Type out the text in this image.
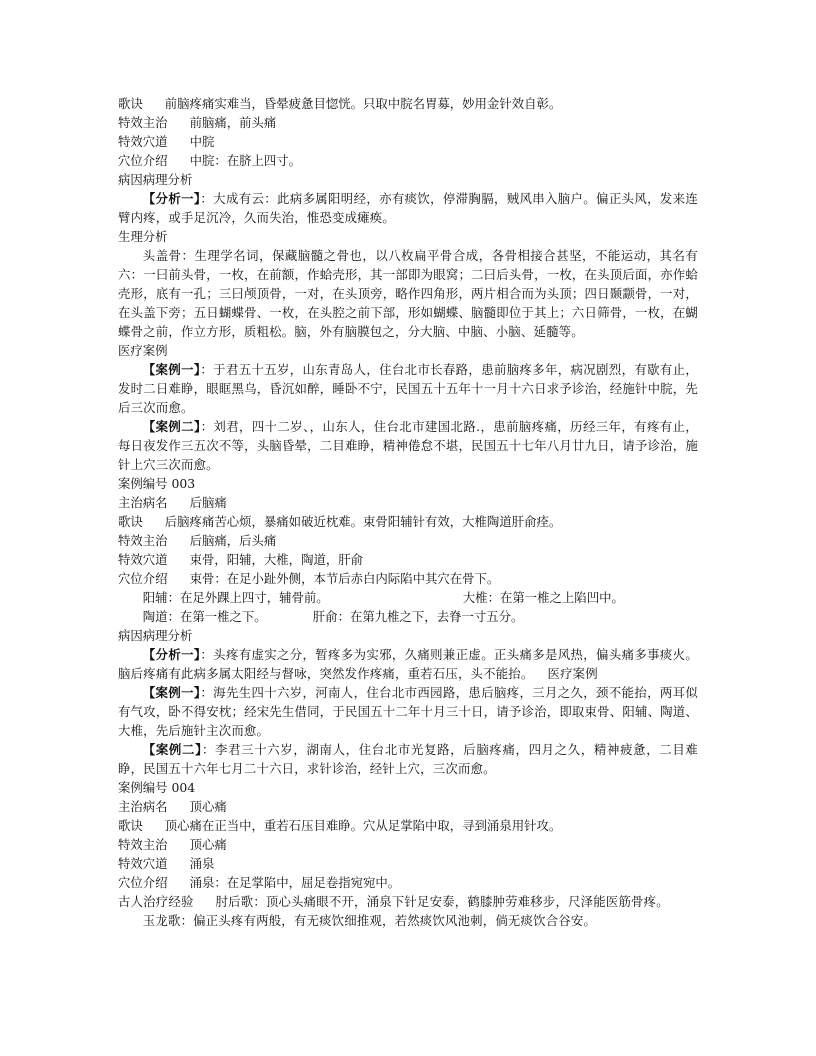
歌诀 前脑疼痛实难当，昏晕疲惫目惚恍。只取中脘名胃募，妙用金针效自彰。
特效主治 前脑痛，前头痛
特效穴道 中脘
穴位介绍 中脘：在脐上四寸。
病因病理分析
【分析一】：大成有云：此病多属阳明经，亦有痰饮，停滞胸膈，贼风串入脑户。偏正头风，发来连臂内疼，或手足沉冷，久而失治，惟恐变成瘫痪。
生理分析
头盖骨：生理学名词，保藏脑髓之骨也，以八枚扁平骨合成，各骨相接合甚坚，不能运动，其名有六：一曰前头骨，一枚，在前额，作蛤壳形，其一部即为眼窝；二曰后头骨，一枚，在头顶后面，亦作蛤壳形，底有一孔；三曰颅顶骨，一对，在头顶旁，略作四角形，两片相合而为头顶；四日颞颥骨，一对，在头盖下旁；五日蝴蝶骨、一枚，在头腔之前下部，形如蝴蝶、脑髓即位于其上；六日筛骨，一枚，在蝴蝶骨之前，作立方形，质粗松。脑，外有脑膜包之，分大脑、中脑、小脑、延髓等。
医疗案例
【案例一】：于君五十五岁，山东青岛人，住台北市长春路，患前脑疼多年，病况剧烈，有歇有止，发时二日难睁，眼眶黑乌，昏沉如醉，睡卧不宁，民国五十五年十一月十六日求予诊治，经施针中脘，先后三次而愈。
【案例二】：刘君，四十二岁、，山东人，住台北市建国北路.，患前脑疼痛，历经三年，有疼有止，每日夜发作三五次不等，头脑昏晕，二目难睁，精神倦怠不堪，民国五十七年八月廿九日，请予诊治，施针上穴三次而愈。
案例编号 003
主治病名 后脑痛
歌诀 后脑疼痛苦心烦，暴痛如破近枕难。束骨阳辅针有效，大椎陶道肝俞痊。
特效主治 后脑痛，后头痛
特效穴道 束骨，阳辅，大椎，陶道，肝俞
穴位介绍 束骨：在足小趾外侧，本节后赤白内际陷中其穴在骨下。
阳辅：在足外踝上四寸，辅骨前。	大椎：在第一椎之上陷凹中。
陶道：在第一椎之下。	肝俞：在第九椎之下，去脊一寸五分。
病因病理分析
【分析一】：头疼有虚实之分，暂疼多为实邪，久痛则兼正虚。正头痛多是风热，偏头痛多事痰火。脑后疼痛有此病多属太阳经与督咏，突然发作疼痛，重若石压，头不能抬。 医疗案例
【案例一】：海先生四十六岁，河南人，住台北市西园路，患后脑疼，三月之久，颈不能抬，两耳似有气攻，卧不得安枕；经宋先生借同，于民国五十二年十月三十日，请予诊治，即取束骨、阳辅、陶道、大椎，先后施针主次而愈。
【案例二】：李君三十六岁，湖南人，住台北市光复路，后脑疼痛，四月之久，精神疲惫，二目难睁，民国五十六年七月二十六日，求针诊治，经针上穴，三次而愈。
案例编号 004
主治病名 顶心痛
歌诀 顶心痛在正当中，重若石压目难睁。穴从足掌陷中取，寻到涌泉用针攻。
特效主治 顶心痛
特效穴道 涌泉
穴位介绍 涌泉：在足掌陷中，屈足卷指宛宛中。
古人治疗经验 肘后歌：顶心头痛眼不开，涌泉下针足安泰，鹤膝肿劳难移步，尺泽能医筋骨疼。
玉龙歌：偏正头疼有两般，有无痰饮细推观，若然痰饮风池刺，倘无痰饮合谷安。
